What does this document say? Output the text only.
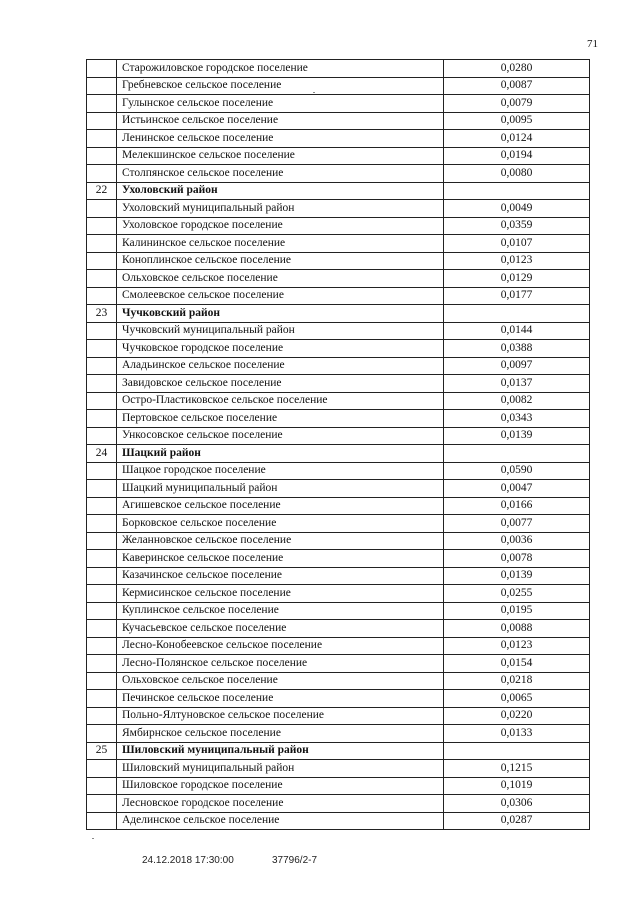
71
	Старожиловское городское поселение	0,0280
	Гребневское сельское поселение	0,0087
	Гулынское сельское поселение	0,0079
	Истьинское сельское поселение	0,0095
	Ленинское сельское поселение	0,0124
	Мелекшинское сельское поселение	0,0194
	Столпянское сельское поселение	0,0080
22	Ухоловский район	
	Ухоловский муниципальный район	0,0049
	Ухоловское городское поселение	0,0359
	Калининское сельское поселение	0,0107
	Коноплинское сельское поселение	0,0123
	Ольховское сельское поселение	0,0129
	Смолеевское сельское поселение	0,0177
23	Чучковский район	
	Чучковский муниципальный район	0,0144
	Чучковское городское поселение	0,0388
	Аладьинское сельское поселение	0,0097
	Завидовское сельское поселение	0,0137
	Остро-Пластиковское сельское поселение	0,0082
	Пертовское сельское поселение	0,0343
	Ункосовское сельское поселение	0,0139
24	Шацкий район	
	Шацкое городское поселение	0,0590
	Шацкий муниципальный район	0,0047
	Агишевское сельское поселение	0,0166
	Борковское сельское поселение	0,0077
	Желанновское сельское поселение	0,0036
	Каверинское сельское поселение	0,0078
	Казачинское сельское поселение	0,0139
	Кермисинское сельское поселение	0,0255
	Куплинское сельское поселение	0,0195
	Кучасьевское сельское поселение	0,0088
	Лесно-Конобеевское сельское поселение	0,0123
	Лесно-Полянское сельское поселение	0,0154
	Ольховское сельское поселение	0,0218
	Печинское сельское поселение	0,0065
	Польно-Ялтуновское сельское поселение	0,0220
	Ямбирнское сельское поселение	0,0133
25	Шиловский муниципальный район	
	Шиловский муниципальный район	0,1215
	Шиловское городское поселение	0,1019
	Лесновское городское поселение	0,0306
	Аделинское сельское поселение	0,0287
24.12.2018 17:30:00	37796/2-7
